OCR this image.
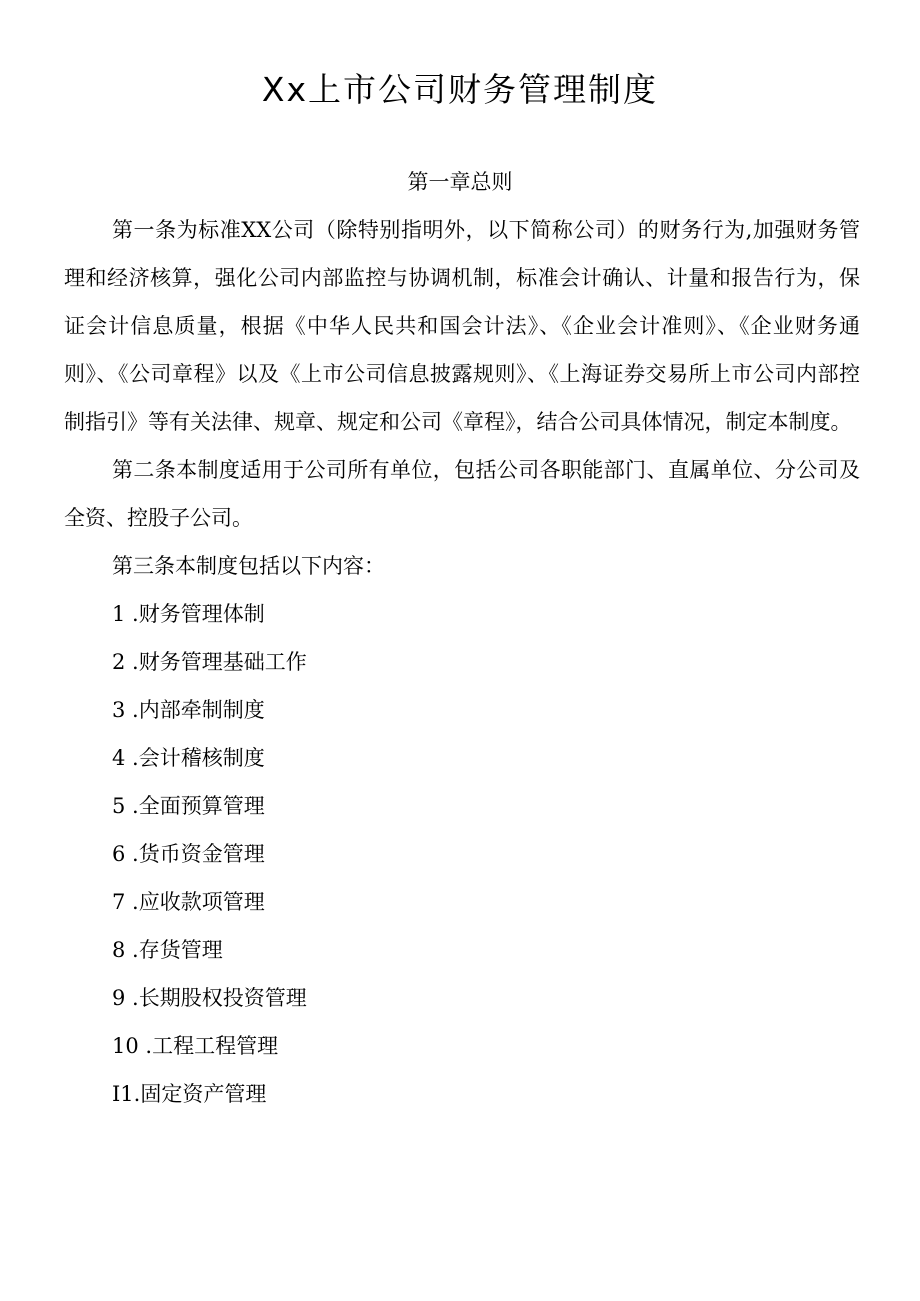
Xx上市公司财务管理制度
第一章总则

第一条为标准XX公司（除特别指明外，以下简称公司）的财务行为,加强财务管理和经济核算，强化公司内部监控与协调机制，标准会计确认、计量和报告行为，保证会计信息质量，根据《中华人民共和国会计法》、《企业会计准则》、《企业财务通则》、《公司章程》以及《上市公司信息披露规则》、《上海证券交易所上市公司内部控制指引》等有关法律、规章、规定和公司《章程》，结合公司具体情况，制定本制度。

第二条本制度适用于公司所有单位，包括公司各职能部门、直属单位、分公司及全资、控股子公司。

第三条本制度包括以下内容：

1 .财务管理体制
2 .财务管理基础工作
3 .内部牵制制度
4 .会计稽核制度
5 .全面预算管理
6 .货币资金管理
7 .应收款项管理
8 .存货管理
9 .长期股权投资管理
10 .工程工程管理
I1.固定资产管理
